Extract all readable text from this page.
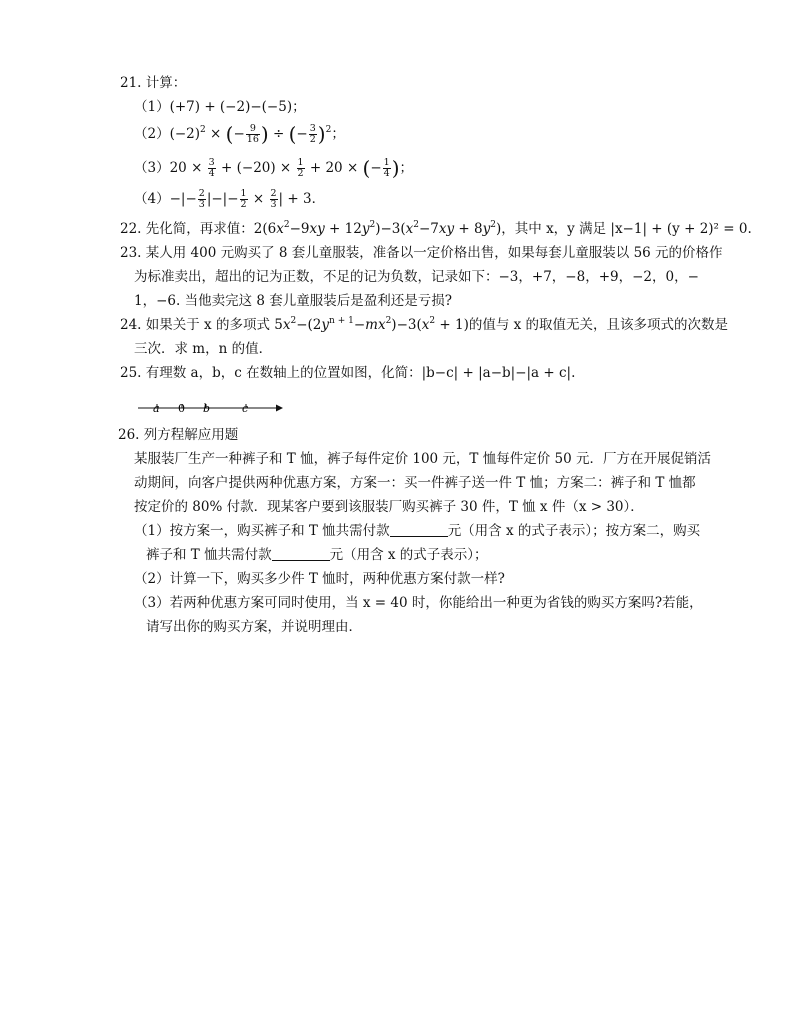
21. 计算：
（1）(+7) + (−2)−(−5)；
$(2)(-2)^2$ × (− $\frac{9}{16}$ ) ÷ (− $\frac{3}{2} )^2$；
$(3)20 \times \frac{3}{4} + (-20) \times \frac{1}{2} + 20$ × (− $\frac{1}{4}$ )；
$(4)-|- \frac{2}{3}$ |−|− $\frac{1}{2} \times \frac{2}{3}$ | + 3．
22. 先化简，再求值：$2(6x^2-9xy + 12y^2)-3(x^2-7xy + 8y^2)$，其中 x，y 满足 |x−1| + (y + 2)² = 0.
23. 某人用 400 元购买了 8 套儿童服装，准备以一定价格出售，如果每套儿童服装以 56 元的价格作
为标准卖出，超出的记为正数，不足的记为负数，记录如下：−3，+7，−8，+9，−2，0，−
1，−6. 当他卖完这 8 套儿童服装后是盈利还是亏损?
24. 如果关于 x 的多项式 $5x^2-(2y^{n + 1}-mx^2)-3(x^2 + 1)$的值与 x 的取值无关，且该多项式的次数是
三次．求 m，n 的值．
25. 有理数 a，b，c 在数轴上的位置如图，化简：|b−c| + |a−b|−|a + c|.
a 0 b	c
26. 列方程解应用题
某服装厂生产一种裤子和 T 恤，裤子每件定价 100 元，T 恤每件定价 50 元．厂方在开展促销活
动期间，向客户提供两种优惠方案，方案一：买一件裤子送一件 T 恤；方案二：裤子和 T 恤都
按定价的 80% 付款．现某客户要到该服装厂购买裤子 30 件，T 恤 x 件（x > 30）．
（1）按方案一，购买裤子和 T 恤共需付款	元（用含 x 的式子表示）；按方案二，购买
裤子和 T 恤共需付款	元（用含 x 的式子表示）；
（2）计算一下，购买多少件 T 恤时，两种优惠方案付款一样?
（3）若两种优惠方案可同时使用，当 x = 40 时，你能给出一种更为省钱的购买方案吗?若能，
请写出你的购买方案，并说明理由．
